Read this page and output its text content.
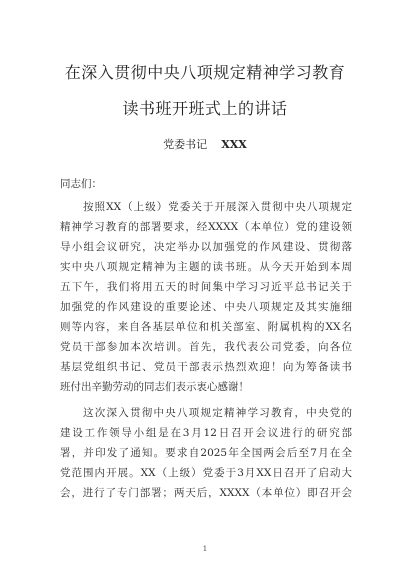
在深入贯彻中央八项规定精神学习教育
读书班开班式上的讲话
党委书记 XXX
同志们：
按照XX（上级）党委关于开展深入贯彻中央八项规定
精神学习教育的部署要求，经XXXX（本单位）党的建设领
导小组会议研究，决定举办以加强党的作风建设、贯彻落
实中央八项规定精神为主题的读书班。从今天开始到本周
五下午，我们将用五天的时间集中学习习近平总书记关于
加强党的作风建设的重要论述、中央八项规定及其实施细
则等内容，来自各基层单位和机关部室、附属机构的XX名
党员干部参加本次培训。首先，我代表公司党委，向各位
基层党组织书记、党员干部表示热烈欢迎！向为筹备读书
班付出辛勤劳动的同志们表示衷心感谢！
这次深入贯彻中央八项规定精神学习教育，中央党的
建设工作领导小组是在3月12日召开会议进行的研究部
署，并印发了通知。要求自2025年全国两会后至7月在全
党范围内开展。XX（上级）党委于3月XX日召开了启动大
会，进行了专门部署；两天后，XXXX（本单位）即召开会
1
